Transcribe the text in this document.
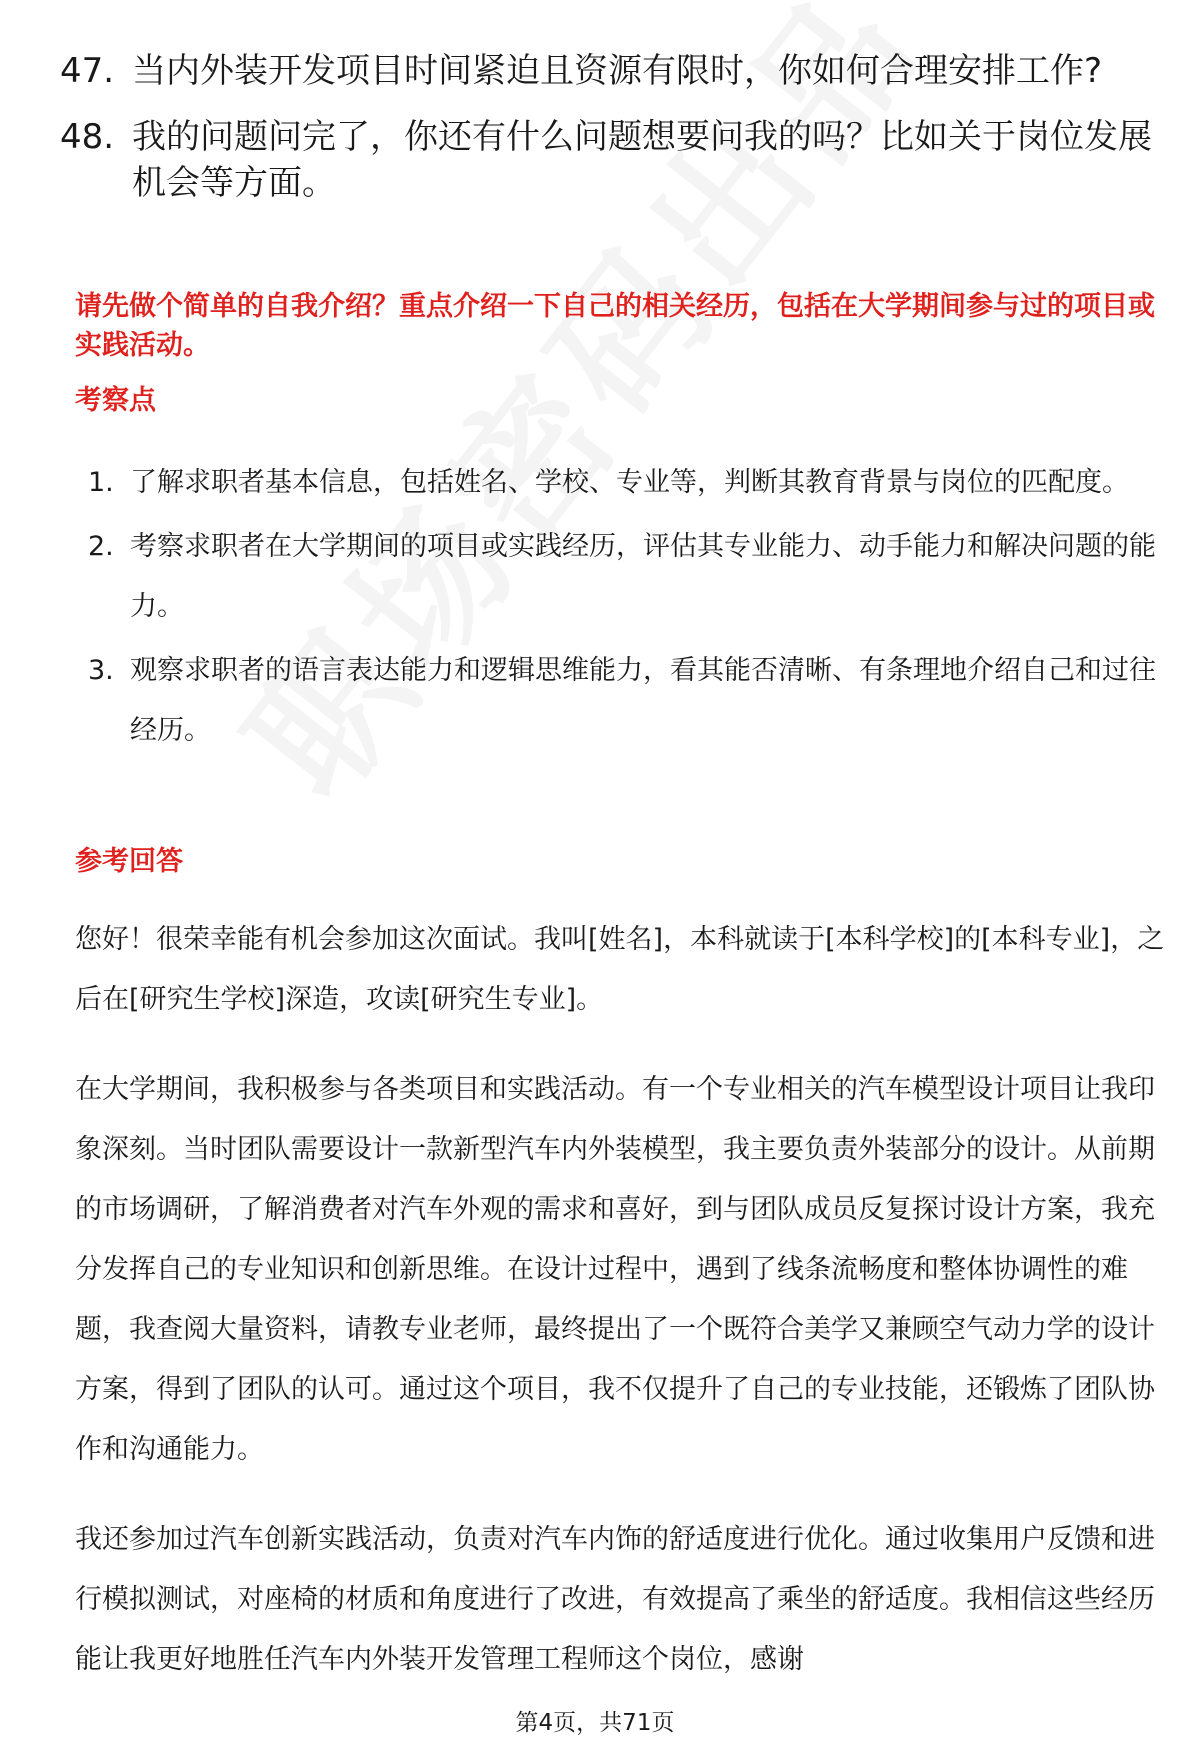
47. 当内外装开发项目时间紧迫且资源有限时，你如何合理安排工作?
48. 我的问题问完了，你还有什么问题想要问我的吗？比如关于岗位发展机会等方面。
请先做个简单的自我介绍？重点介绍一下自己的相关经历，包括在大学期间参与过的项目或实践活动。
考察点
1. 了解求职者基本信息，包括姓名、学校、专业等，判断其教育背景与岗位的匹配度。
2. 考察求职者在大学期间的项目或实践经历，评估其专业能力、动手能力和解决问题的能力。
3. 观察求职者的语言表达能力和逻辑思维能力，看其能否清晰、有条理地介绍自己和过往经历。
参考回答

您好！很荣幸能有机会参加这次面试。我叫[姓名]，本科就读于[本科学校]的[本科专业]，之后在[研究生学校]深造，攻读[研究生专业]。

在大学期间，我积极参与各类项目和实践活动。有一个专业相关的汽车模型设计项目让我印象深刻。当时团队需要设计一款新型汽车内外装模型，我主要负责外装部分的设计。从前期的市场调研，了解消费者对汽车外观的需求和喜好，到与团队成员反复探讨设计方案，我充分发挥自己的专业知识和创新思维。在设计过程中，遇到了线条流畅度和整体协调性的难题，我查阅大量资料，请教专业老师，最终提出了一个既符合美学又兼顾空气动力学的设计方案，得到了团队的认可。通过这个项目，我不仅提升了自己的专业技能，还锻炼了团队协作和沟通能力。

我还参加过汽车创新实践活动，负责对汽车内饰的舒适度进行优化。通过收集用户反馈和进行模拟测试，对座椅的材质和角度进行了改进，有效提高了乘坐的舒适度。我相信这些经历能让我更好地胜任汽车内外装开发管理工程师这个岗位，感谢

第4页，共71页
